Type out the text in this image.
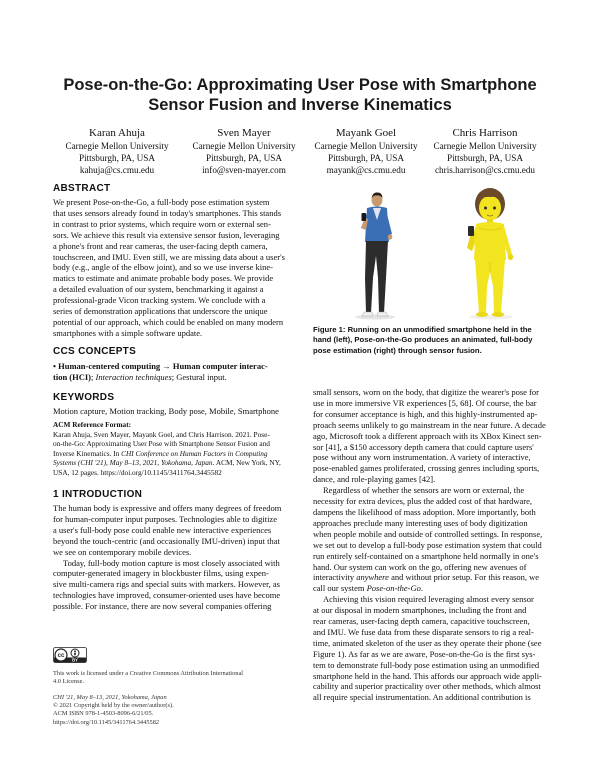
Pose-on-the-Go: Approximating User Pose with Smartphone
Sensor Fusion and Inverse Kinematics
Karan Ahuja
Carnegie Mellon University
Pittsburgh, PA, USA
kahuja@cs.cmu.edu
Sven Mayer
Carnegie Mellon University
Pittsburgh, PA, USA
info@sven-mayer.com
Mayank Goel
Carnegie Mellon University
Pittsburgh, PA, USA
mayank@cs.cmu.edu
Chris Harrison
Carnegie Mellon University
Pittsburgh, PA, USA
chris.harrison@cs.cmu.edu
ABSTRACT

We present Pose-on-the-Go, a full-body pose estimation system

that uses sensors already found in today's smartphones. This stands

in contrast to prior systems, which require worn or external sen-

sors. We achieve this result via extensive sensor fusion, leveraging

a phone's front and rear cameras, the user-facing depth camera,

touchscreen, and IMU. Even still, we are missing data about a user's

body (e.g., angle of the elbow joint), and so we use inverse kine-

matics to estimate and animate probable body poses. We provide

a detailed evaluation of our system, benchmarking it against a

professional-grade Vicon tracking system. We conclude with a

series of demonstration applications that underscore the unique

potential of our approach, which could be enabled on many modern

smartphones with a simple software update.

CCS CONCEPTS

• Human-centered computing → Human computer interac-

tion (HCI); Interaction techniques; Gestural input.

KEYWORDS
Motion capture, Motion tracking, Body pose, Mobile, Smartphone

ACM Reference Format:

Karan Ahuja, Sven Mayer, Mayank Goel, and Chris Harrison. 2021. Pose-

on-the-Go: Approximating User Pose with Smartphone Sensor Fusion and

Inverse Kinematics. In CHI Conference on Human Factors in Computing

Systems (CHI '21), May 8–13, 2021, Yokohama, Japan. ACM, New York, NY,

USA, 12 pages. https://doi.org/10.1145/3411764.3445582

1 INTRODUCTION

The human body is expressive and offers many degrees of freedom

for human-computer input purposes. Technologies able to digitize

a user's full-body pose could enable new interactive experiences

beyond the touch-centric (and occasionally IMU-driven) input that

we see on contemporary mobile devices.

Today, full-body motion capture is most closely associated with

computer-generated imagery in blockbuster films, using expen-

sive multi-camera rigs and special suits with markers. However, as

technologies have improved, consumer-oriented uses have become

possible. For instance, there are now several companies offering

cc
BY
This work is licensed under a Creative Commons Attribution International
4.0 License.
CHI '21, May 8–13, 2021, Yokohama, Japan
© 2021 Copyright held by the owner/author(s).
ACM ISBN 978-1-4503-8096-6/21/05.
https://doi.org/10.1145/3411764.3445582
Figure 1: Running on an unmodified smartphone held in the
hand (left), Pose-on-the-Go produces an animated, full-body
pose estimation (right) through sensor fusion.

small sensors, worn on the body, that digitize the wearer's pose for

use in more immersive VR experiences [5, 68]. Of course, the bar

for consumer acceptance is high, and this highly-instrumented ap-

proach seems unlikely to go mainstream in the near future. A decade

ago, Microsoft took a different approach with its XBox Kinect sen-

sor [41], a $150 accessory depth camera that could capture users'

pose without any worn instrumentation. A variety of interactive,

pose-enabled games proliferated, crossing genres including sports,

dance, and role-playing games [42].

Regardless of whether the sensors are worn or external, the

necessity for extra devices, plus the added cost of that hardware,

dampens the likelihood of mass adoption. More importantly, both

approaches preclude many interesting uses of body digitization

when people mobile and outside of controlled settings. In response,

we set out to develop a full-body pose estimation system that could

run entirely self-contained on a smartphone held normally in one's

hand. Our system can work on the go, offering new avenues of

interactivity anywhere and without prior setup. For this reason, we

call our system Pose-on-the-Go.

Achieving this vision required leveraging almost every sensor

at our disposal in modern smartphones, including the front and

rear cameras, user-facing depth camera, capacitive touchscreen,

and IMU. We fuse data from these disparate sensors to rig a real-

time, animated skeleton of the user as they operate their phone (see

Figure 1). As far as we are aware, Pose-on-the-Go is the first sys-

tem to demonstrate full-body pose estimation using an unmodified

smartphone held in the hand. This affords our approach wide appli-

cability and superior practicality over other methods, which almost

all require special instrumentation. An additional contribution is
